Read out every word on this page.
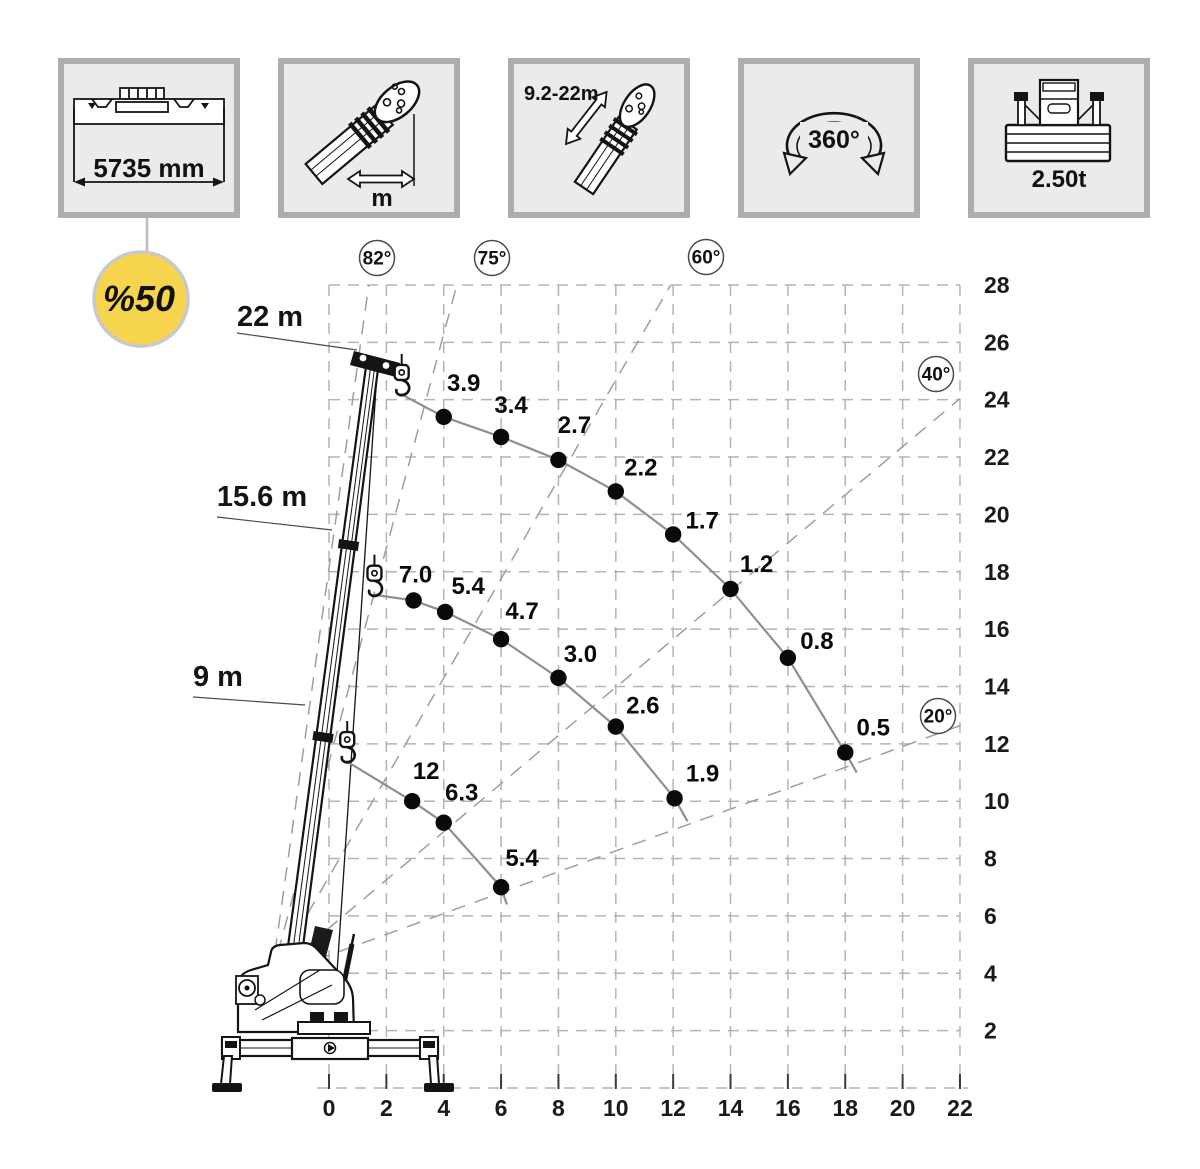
5735 mm
m
9.2-22m
360°
2.50t
%50
3.9
3.4
2.7
2.2
1.7
1.2
0.8
0.5
7.0 5.4
4.7
3.0
2.6
1.9
12
6.3
5.4
82°	75°	60°
40°
20°
0 2 4 6 8 10 12 14 16 18 20 22
2
4
6
8
10
12
14
16
18
20
22
24
26
28
22 m
15.6 m
9 m
